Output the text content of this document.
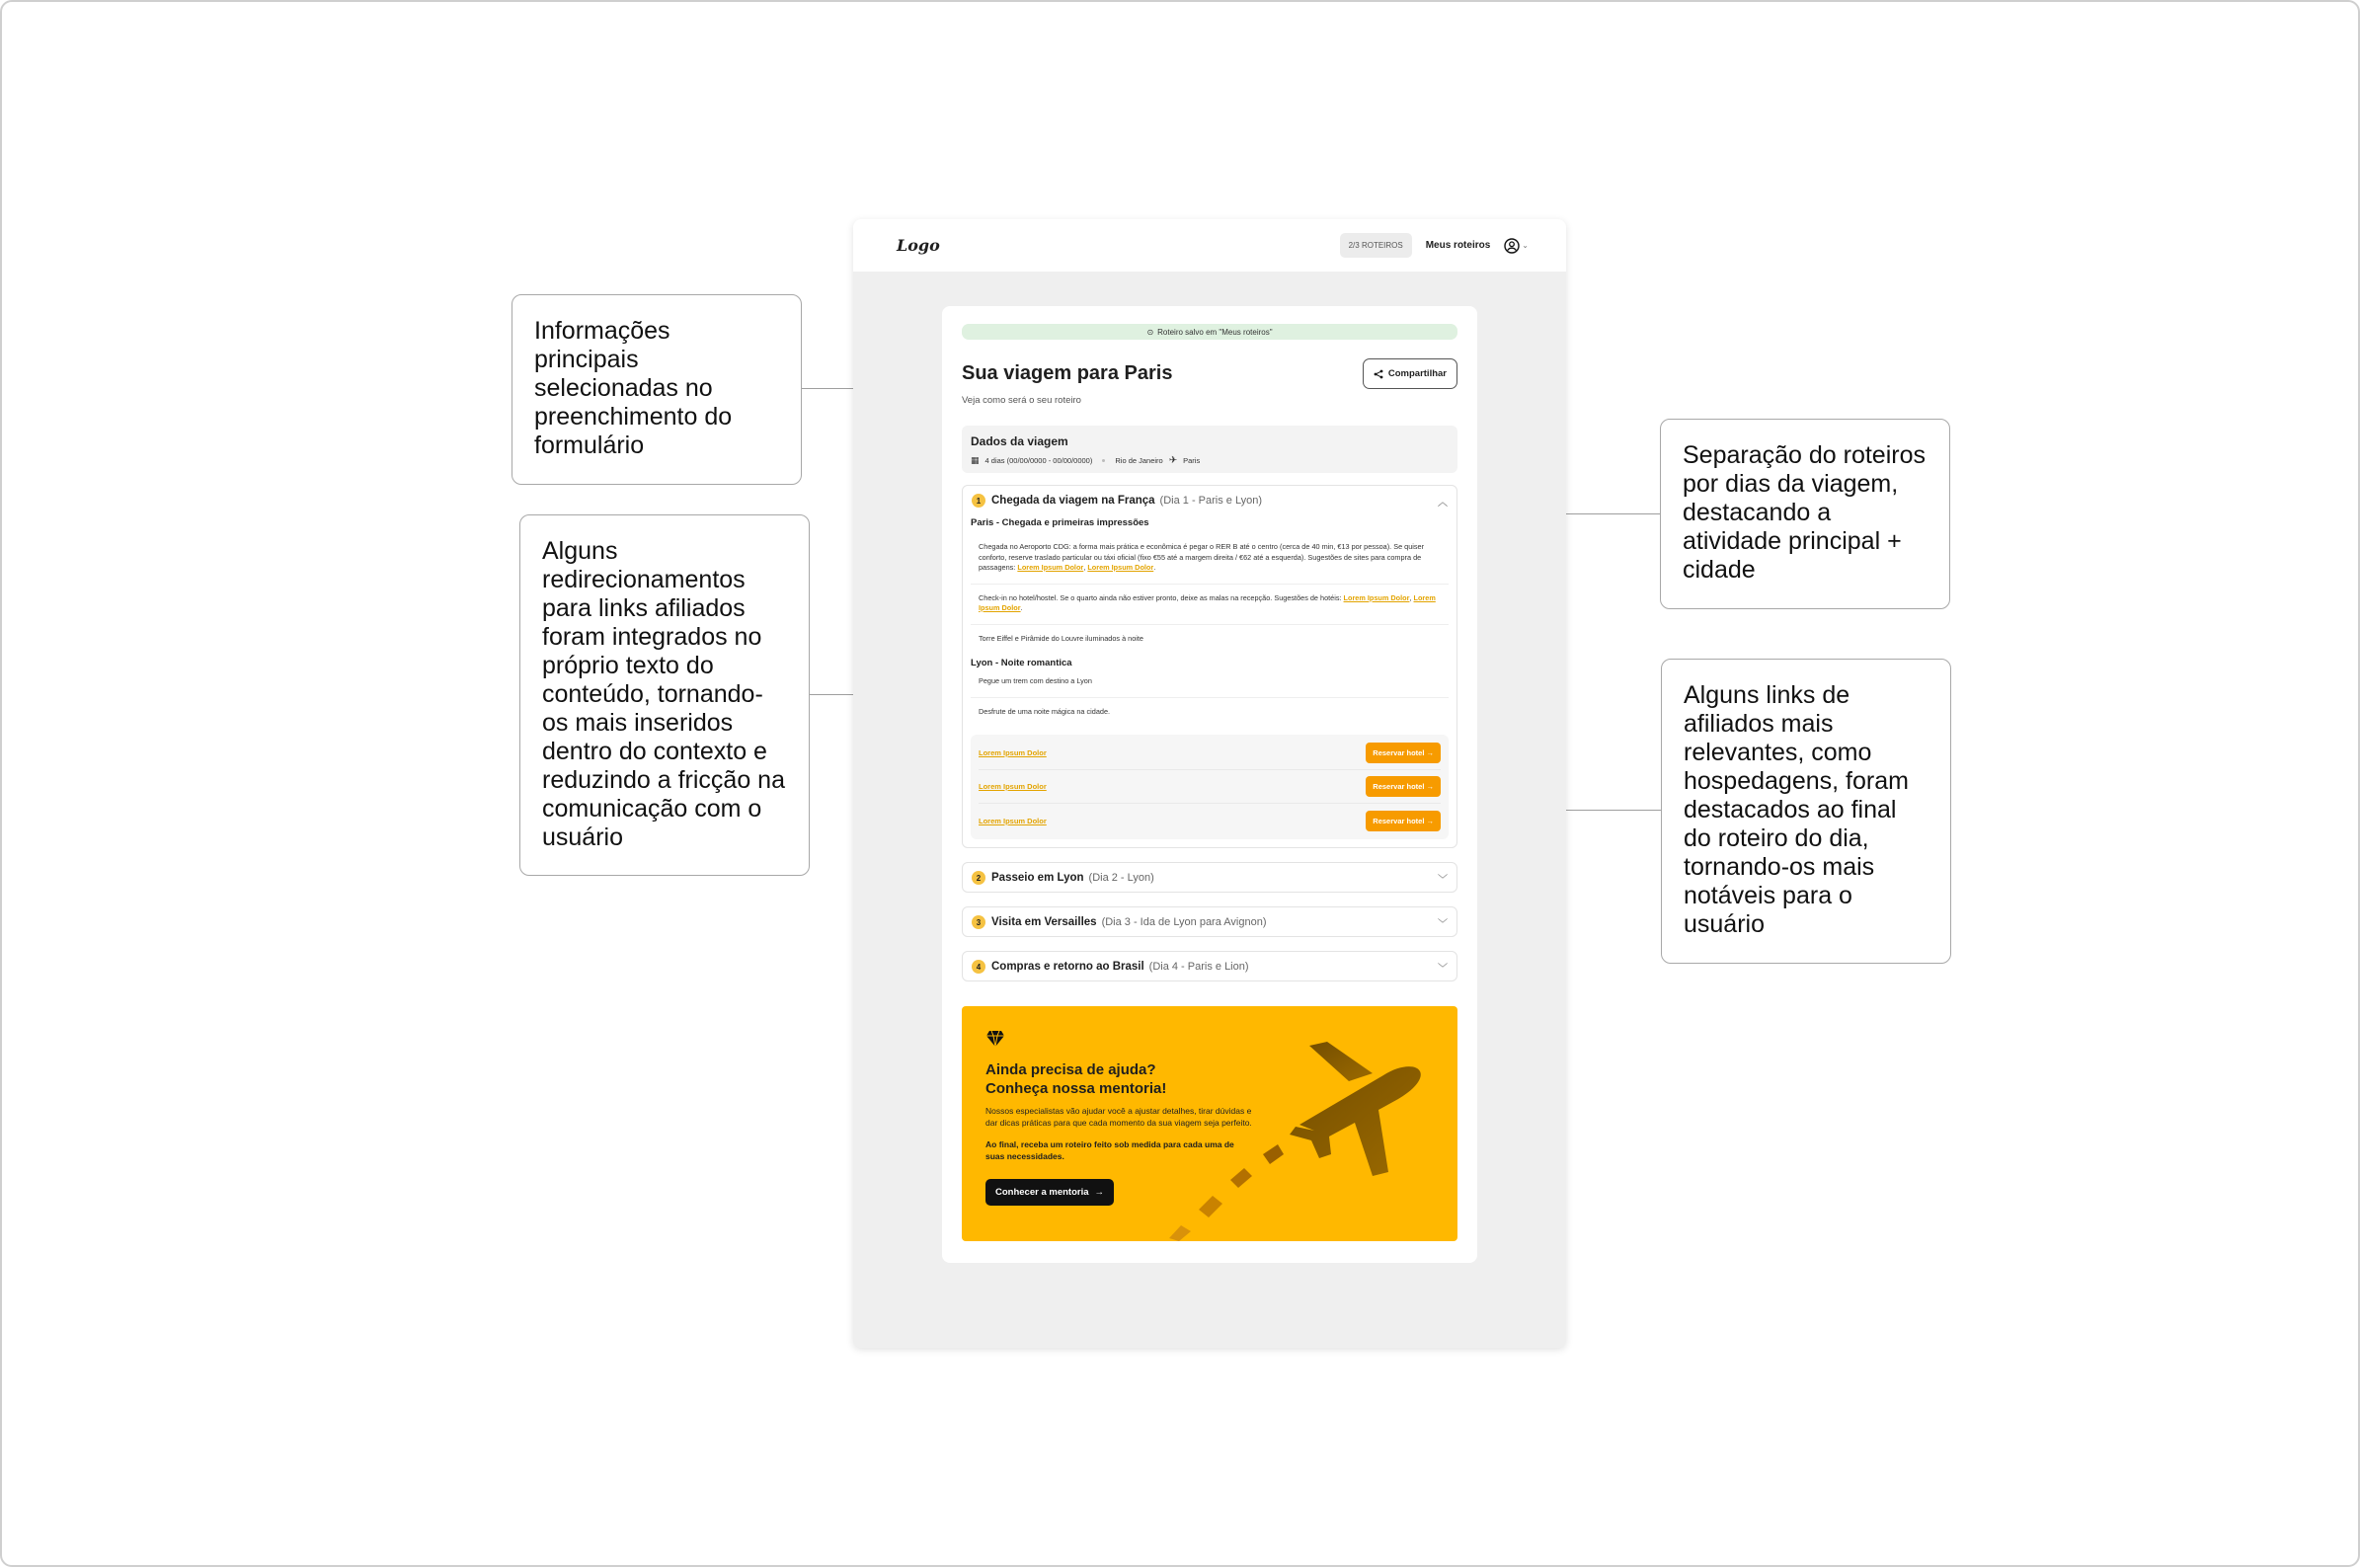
Informações principais selecionadas no preenchimento do formulário
Alguns redirecionamentos para links afiliados foram integrados no próprio texto do conteúdo, tornando-os mais inseridos dentro do contexto e reduzindo a fricção na comunicação com o usuário
Separação do roteiros por dias da viagem, destacando a atividade principal + cidade
Alguns links de afiliados mais relevantes, como hospedagens, foram destacados ao final do roteiro do dia, tornando-os mais notáveis para o usuário
Logo	2/3 ROTEIROS	Meus roteiros	⌄
⊙ Roteiro salvo em "Meus roteiros"
Sua viagem para Paris	Compartilhar
Veja como será o seu roteiro
Dados da viagem
▦ 4 dias (00/00/0000 - 00/00/0000)	Rio de Janeiro ✈ Paris
1 Chegada da viagem na França (Dia 1 - Paris e Lyon)	︿
Paris - Chegada e primeiras impressões
Chegada no Aeroporto CDG: a forma mais prática e econômica é pegar o RER B até o centro (cerca de 40 min, €13 por pessoa). Se quiser conforto, reserve traslado particular ou táxi oficial (fixo €55 até a margem direita / €62 até a esquerda). Sugestões de sites para compra de passagens: Lorem Ipsum Dolor, Lorem Ipsum Dolor.
Check-in no hotel/hostel. Se o quarto ainda não estiver pronto, deixe as malas na recepção. Sugestões de hotéis: Lorem Ipsum Dolor, Lorem Ipsum Dolor.
Torre Eiffel e Pirâmide do Louvre iluminados à noite
Lyon - Noite romantica
Pegue um trem com destino a Lyon
Desfrute de uma noite mágica na cidade.
Lorem Ipsum Dolor	Reservar hotel →
Lorem Ipsum Dolor	Reservar hotel →
Lorem Ipsum Dolor	Reservar hotel →
2 Passeio em Lyon (Dia 2 - Lyon)	﹀
3 Visita em Versailles (Dia 3 - Ida de Lyon para Avignon)	﹀
4 Compras e retorno ao Brasil (Dia 4 - Paris e Lion)	﹀
Ainda precisa de ajuda?
Conheça nossa mentoria!
Nossos especialistas vão ajudar você a ajustar detalhes, tirar dúvidas e dar dicas práticas para que cada momento da sua viagem seja perfeito.
Ao final, receba um roteiro feito sob medida para cada uma de suas necessidades.
Conhecer a mentoria →
